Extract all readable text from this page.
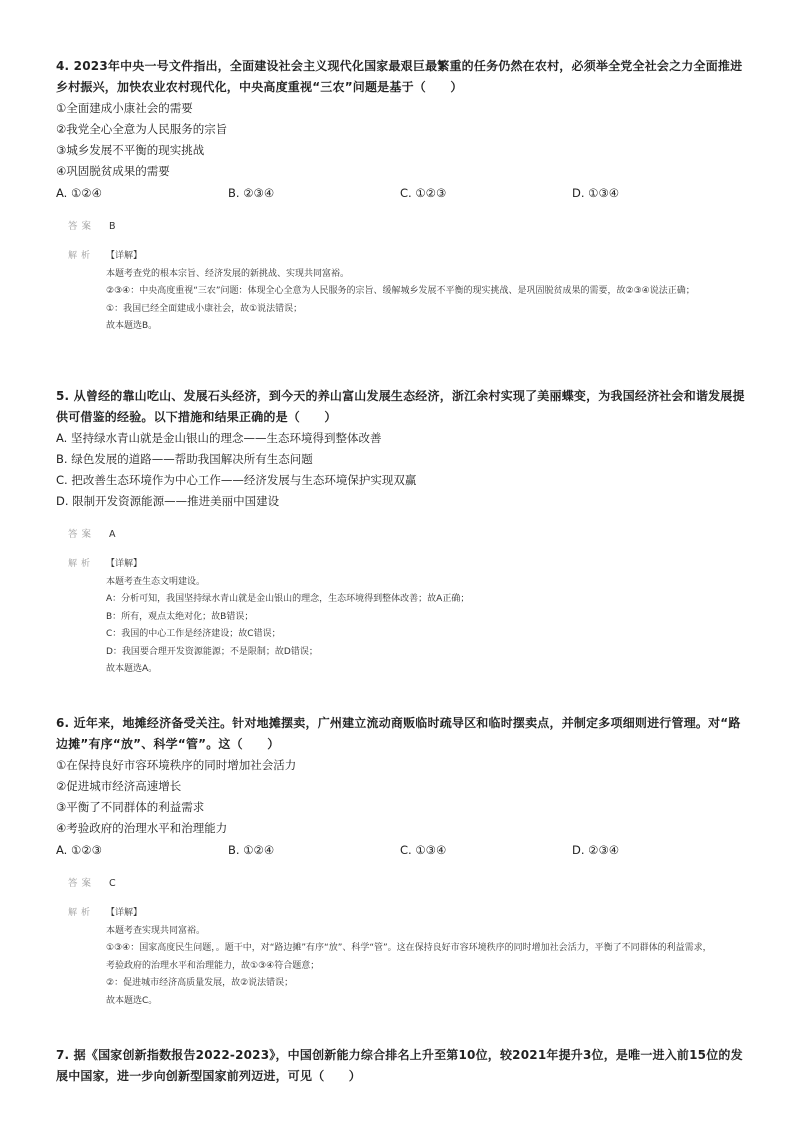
4. 2023年中央一号文件指出，全面建设社会主义现代化国家最艰巨最繁重的任务仍然在农村，必须举全党全社会之力全面推进乡村振兴，加快农业农村现代化，中央高度重视“三农”问题是基于（　　）
①全面建成小康社会的需要
②我党全心全意为人民服务的宗旨
③城乡发展不平衡的现实挑战
④巩固脱贫成果的需要
A. ①②④	B. ②③④	C. ①②③	D. ①③④
答案 B
解析	【详解】
本题考查党的根本宗旨、经济发展的新挑战、实现共同富裕。
②③④：中央高度重视“三农”问题：体现全心全意为人民服务的宗旨、缓解城乡发展不平衡的现实挑战、是巩固脱贫成果的需要，故②③④说法正确；
①：我国已经全面建成小康社会，故①说法错误；
故本题选B。
5. 从曾经的靠山吃山、发展石头经济，到今天的养山富山发展生态经济，浙江余村实现了美丽蝶变，为我国经济社会和谐发展提供可借鉴的经验。以下措施和结果正确的是（　　）
A. 坚持绿水青山就是金山银山的理念——生态环境得到整体改善
B. 绿色发展的道路——帮助我国解决所有生态问题
C. 把改善生态环境作为中心工作——经济发展与生态环境保护实现双赢
D. 限制开发资源能源——推进美丽中国建设
答案 A
解析	【详解】
本题考查生态文明建设。
A：分析可知，我国坚持绿水青山就是金山银山的理念，生态环境得到整体改善；故A正确；
B：所有，观点太绝对化；故B错误；
C：我国的中心工作是经济建设；故C错误；
D：我国要合理开发资源能源；不是限制；故D错误；
故本题选A。
6. 近年来，地摊经济备受关注。针对地摊摆卖，广州建立流动商贩临时疏导区和临时摆卖点，并制定多项细则进行管理。对“路边摊”有序“放”、科学“管”。这（　　）
①在保持良好市容环境秩序的同时增加社会活力
②促进城市经济高速增长
③平衡了不同群体的利益需求
④考验政府的治理水平和治理能力
A. ①②③	B. ①②④	C. ①③④	D. ②③④
答案 C
解析	【详解】
本题考查实现共同富裕。
①③④：国家高度民生问题，。题干中，对“路边摊”有序“放”、科学“管”。这在保持良好市容环境秩序的同时增加社会活力，平衡了不同群体的利益需求，考验政府的治理水平和治理能力，故①③④符合题意；
②：促进城市经济高质量发展，故②说法错误；
故本题选C。
7. 据《国家创新指数报告2022-2023》，中国创新能力综合排名上升至第10位，较2021年提升3位，是唯一进入前15位的发展中国家，进一步向创新型国家前列迈进，可见（　　）
